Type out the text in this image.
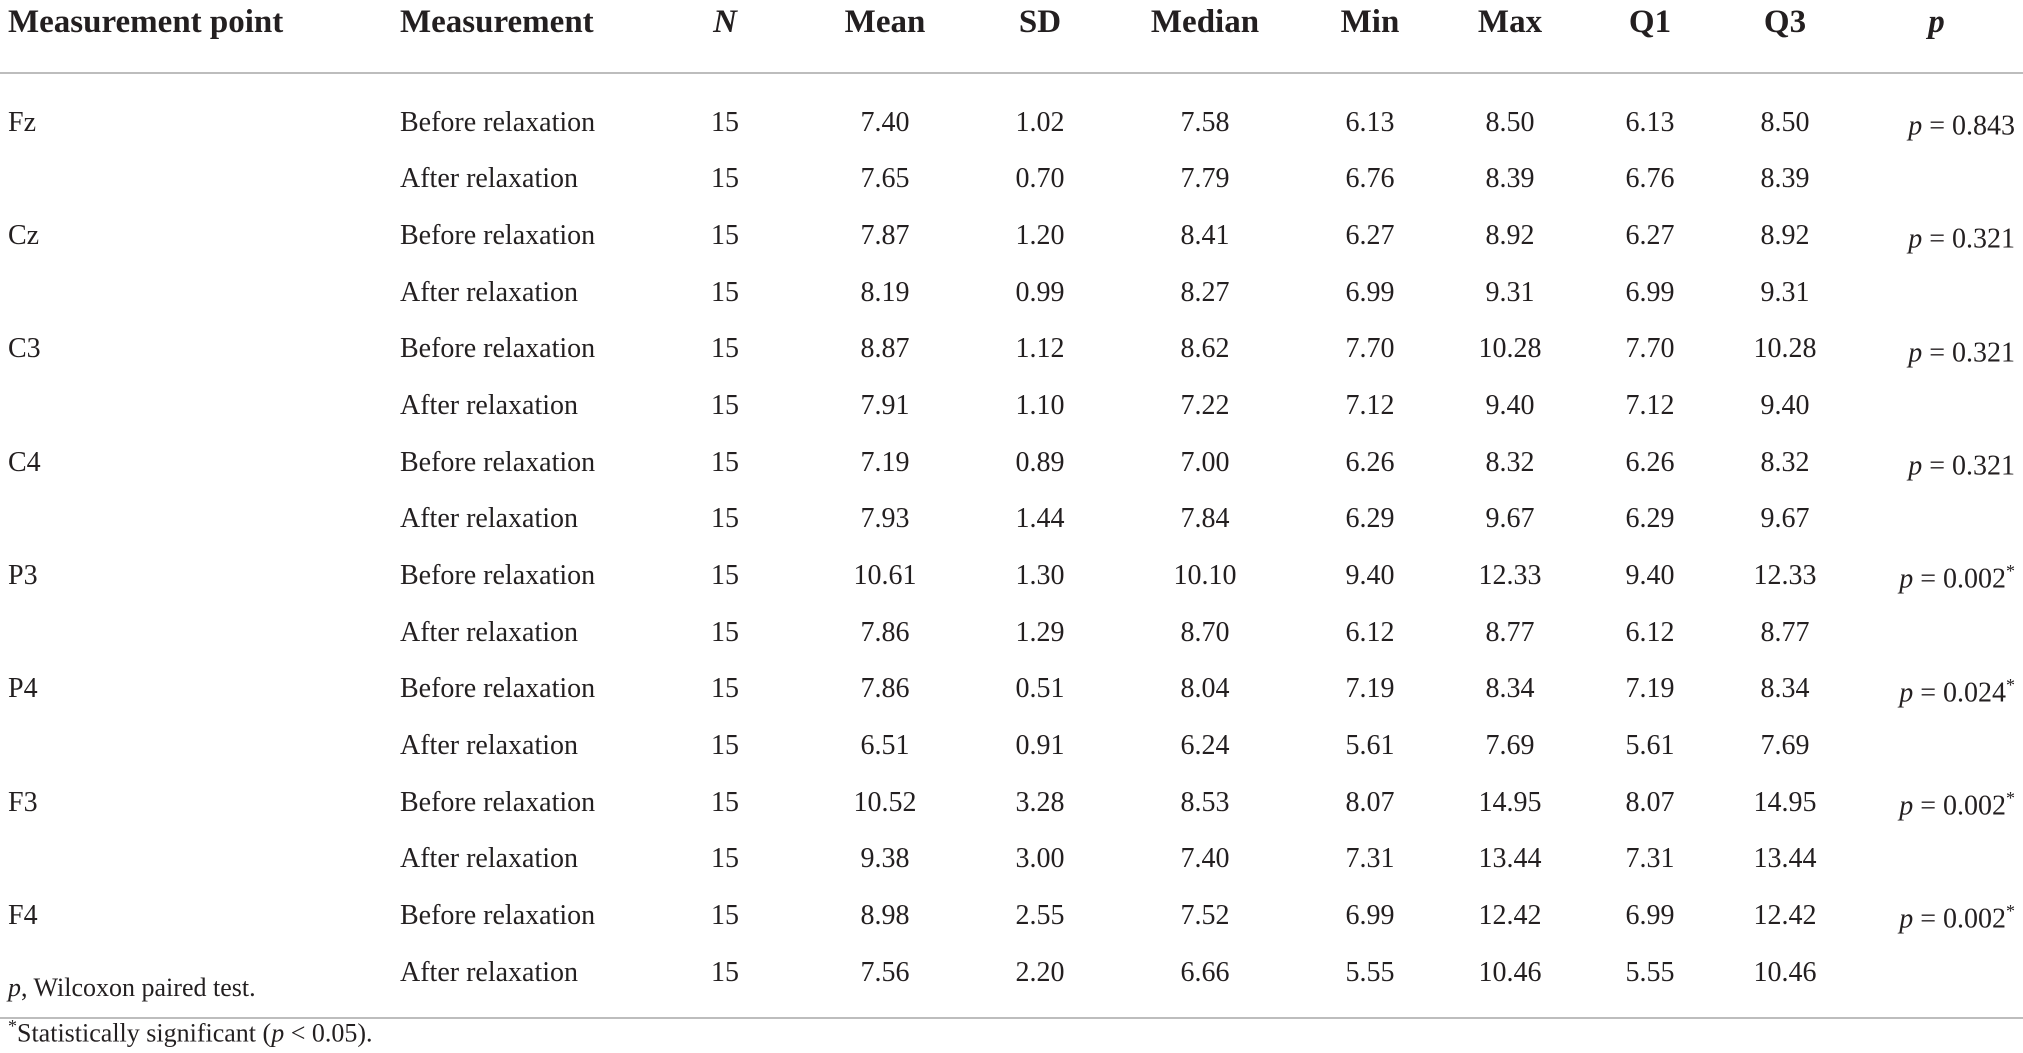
Measurement point	Measurement	N	Mean	SD	Median	Min	Max	Q1	Q3	p
Fz	Before relaxation	15	7.40	1.02	7.58	6.13	8.50	6.13	8.50	p = 0.843
	After relaxation	15	7.65	0.70	7.79	6.76	8.39	6.76	8.39	
Cz	Before relaxation	15	7.87	1.20	8.41	6.27	8.92	6.27	8.92	p = 0.321
	After relaxation	15	8.19	0.99	8.27	6.99	9.31	6.99	9.31	
C3	Before relaxation	15	8.87	1.12	8.62	7.70	10.28	7.70	10.28	p = 0.321
	After relaxation	15	7.91	1.10	7.22	7.12	9.40	7.12	9.40	
C4	Before relaxation	15	7.19	0.89	7.00	6.26	8.32	6.26	8.32	p = 0.321
	After relaxation	15	7.93	1.44	7.84	6.29	9.67	6.29	9.67	
P3	Before relaxation	15	10.61	1.30	10.10	9.40	12.33	9.40	12.33	p = 0.002*
	After relaxation	15	7.86	1.29	8.70	6.12	8.77	6.12	8.77	
P4	Before relaxation	15	7.86	0.51	8.04	7.19	8.34	7.19	8.34	p = 0.024*
	After relaxation	15	6.51	0.91	6.24	5.61	7.69	5.61	7.69	
F3	Before relaxation	15	10.52	3.28	8.53	8.07	14.95	8.07	14.95	p = 0.002*
	After relaxation	15	9.38	3.00	7.40	7.31	13.44	7.31	13.44	
F4	Before relaxation	15	8.98	2.55	7.52	6.99	12.42	6.99	12.42	p = 0.002*
	After relaxation	15	7.56	2.20	6.66	5.55	10.46	5.55	10.46	
p, Wilcoxon paired test.
*Statistically significant (p < 0.05).
